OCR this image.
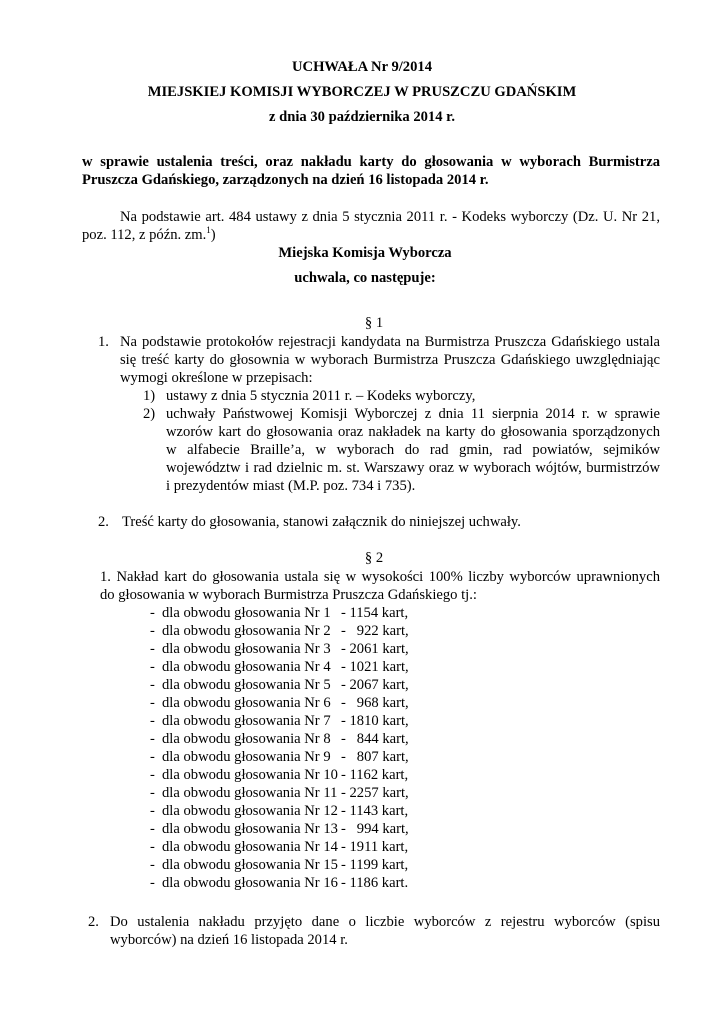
UCHWAŁA Nr 9/2014
MIEJSKIEJ KOMISJI WYBORCZEJ W PRUSZCZU GDAŃSKIM
z dnia 30 października 2014 r.
w sprawie ustalenia treści, oraz nakładu karty do głosowania w wyborach Burmistrza
Pruszcza Gdańskiego, zarządzonych na dzień 16 listopada 2014 r.
Na podstawie art. 484 ustawy z dnia 5 stycznia 2011 r. - Kodeks wyborczy (Dz. U. Nr 21,
poz. 112, z późn. zm.$^1$)
Miejska Komisja Wyborcza
uchwala, co następuje:
§ 1
1. Na podstawie protokołów rejestracji kandydata na Burmistrza Pruszcza Gdańskiego ustala
się treść karty do głosownia w wyborach Burmistrza Pruszcza Gdańskiego uwzględniając
wymogi określone w przepisach:
1) ustawy z dnia 5 stycznia 2011 r. – Kodeks wyborczy,
2) uchwały Państwowej Komisji Wyborczej z dnia 11 sierpnia 2014 r. w sprawie
wzorów kart do głosowania oraz nakładek na karty do głosowania sporządzonych
w alfabecie Braille’a, w wyborach do rad gmin, rad powiatów, sejmików
województw i rad dzielnic m. st. Warszawy oraz w wyborach wójtów, burmistrzów
i prezydentów miast (M.P. poz. 734 i 735).
2. Treść karty do głosowania, stanowi załącznik do niniejszej uchwały.
§ 2
1. Nakład kart do głosowania ustala się w wysokości 100% liczby wyborców uprawnionych
do głosowania w wyborach Burmistrza Pruszcza Gdańskiego tj.:
- dla obwodu głosowania Nr 1 - 1154 kart,
- dla obwodu głosowania Nr 2 -   922 kart,
- dla obwodu głosowania Nr 3 - 2061 kart,
- dla obwodu głosowania Nr 4 - 1021 kart,
- dla obwodu głosowania Nr 5 - 2067 kart,
- dla obwodu głosowania Nr 6 -   968 kart,
- dla obwodu głosowania Nr 7 - 1810 kart,
- dla obwodu głosowania Nr 8 -   844 kart,
- dla obwodu głosowania Nr 9 -   807 kart,
- dla obwodu głosowania Nr 10 - 1162 kart,
- dla obwodu głosowania Nr 11 - 2257 kart,
- dla obwodu głosowania Nr 12 - 1143 kart,
- dla obwodu głosowania Nr 13 -   994 kart,
- dla obwodu głosowania Nr 14 - 1911 kart,
- dla obwodu głosowania Nr 15 - 1199 kart,
- dla obwodu głosowania Nr 16 - 1186 kart.
2. Do ustalenia nakładu przyjęto dane o liczbie wyborców z rejestru wyborców (spisu
wyborców) na dzień 16 listopada 2014 r.
